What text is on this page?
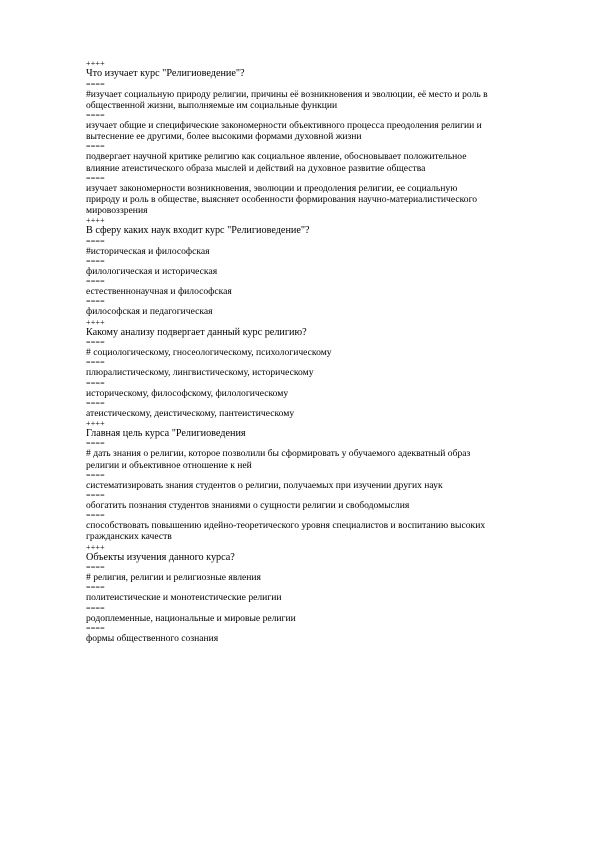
++++
Что изучает курс "Религиоведение"?
====
#изучает социальную природу религии, причины её возникновения и эволюции, её место и роль в
общественной жизни, выполняемые им социальные функции
====
изучает общие и специфические закономерности объективного процесса преодоления религии и
вытеснение ее другими, более высокими формами духовной жизни
====
подвергает научной критике религию как социальное явление, обосновывает положительное
влияние атеистического образа мыслей и действий на духовное развитие общества
====
изучает закономерности возникновения, эволюции и преодоления религии, ее социальную
природу и роль в обществе, выясняет особенности формирования научно-материалистического
мировоззрения
++++
В сферу каких наук входит курс "Религиоведение"?
====
#историческая и философская
====
филологическая и историческая
====
естественнонаучная и философская
====
философская и педагогическая
++++
Какому анализу подвергает данный курс религию?
====
# социологическому, гносеологическому, психологическому
====
плюралистическому, лингвистическому, историческому
====
историческому, философскому, филологическому
====
атеистическому, деистическому, пантеистическому
++++
Главная цель курса "Религиоведения
====
# дать знания о религии, которое позволили бы сформировать у обучаемого адекватный образ
религии и объективное отношение к ней
====
систематизировать знания студентов о религии, получаемых при изучении других наук
====
обогатить познания студентов знаниями о сущности религии и свободомыслия
====
способствовать повышению идейно-теоретического уровня специалистов и воспитанию высоких
гражданских качеств
++++
Объекты изучения данного курса?
====
# религия, религии и религиозные явления
====
политеистические и монотеистические религии
====
родоплеменные, национальные и мировые религии
====
формы общественного сознания
